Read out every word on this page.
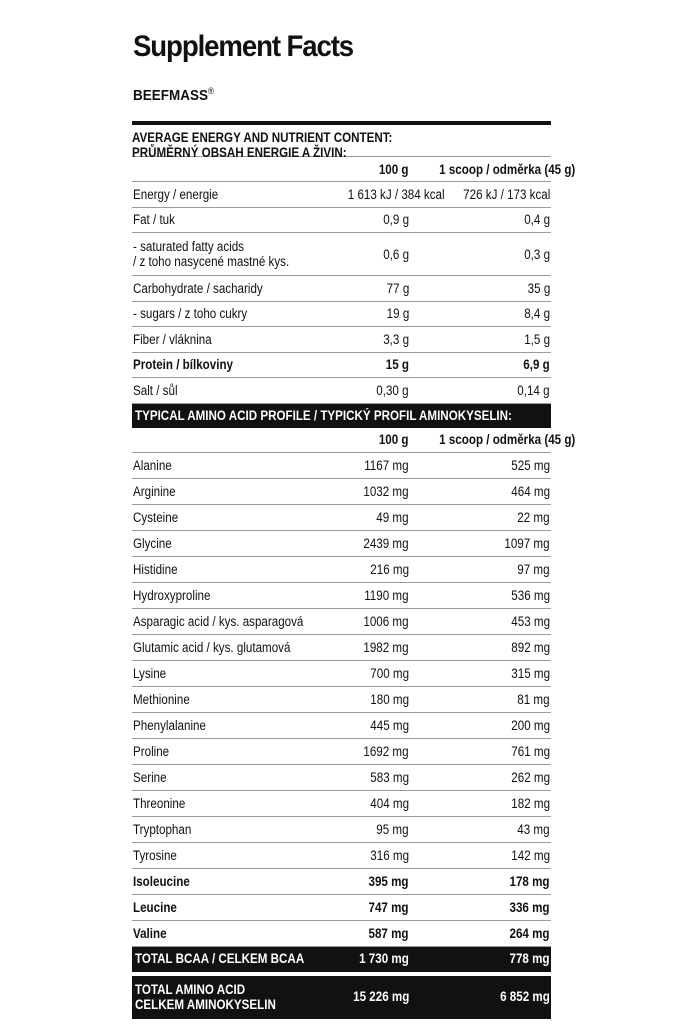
Supplement Facts
BEEFMASS®
AVERAGE ENERGY AND NUTRIENT CONTENT:
PRŮMĚRNÝ OBSAH ENERGIE A ŽIVIN:
100 g	1 scoop / odměrka (45 g)
Energy / energie	1 613 kJ / 384 kcal	726 kJ / 173 kcal
Fat / tuk	0,9 g	0,4 g
- saturated fatty acids
/ z toho nasycené mastné kys.	0,6 g	0,3 g
Carbohydrate / sacharidy	77 g	35 g
- sugars / z toho cukry	19 g	8,4 g
Fiber / vláknina	3,3 g	1,5 g
Protein / bílkoviny	15 g	6,9 g
Salt / sůl	0,30 g	0,14 g
TYPICAL AMINO ACID PROFILE / TYPICKÝ PROFIL AMINOKYSELIN:
100 g	1 scoop / odměrka (45 g)
Alanine	1167 mg	525 mg
Arginine	1032 mg	464 mg
Cysteine	49 mg	22 mg
Glycine	2439 mg	1097 mg
Histidine	216 mg	97 mg
Hydroxyproline	1190 mg	536 mg
Asparagic acid / kys. asparagová	1006 mg	453 mg
Glutamic acid / kys. glutamová	1982 mg	892 mg
Lysine	700 mg	315 mg
Methionine	180 mg	81 mg
Phenylalanine	445 mg	200 mg
Proline	1692 mg	761 mg
Serine	583 mg	262 mg
Threonine	404 mg	182 mg
Tryptophan	95 mg	43 mg
Tyrosine	316 mg	142 mg
Isoleucine	395 mg	178 mg
Leucine	747 mg	336 mg
Valine	587 mg	264 mg
TOTAL BCAA / CELKEM BCAA	1 730 mg	778 mg
TOTAL AMINO ACID
CELKEM AMINOKYSELIN	15 226 mg	6 852 mg
